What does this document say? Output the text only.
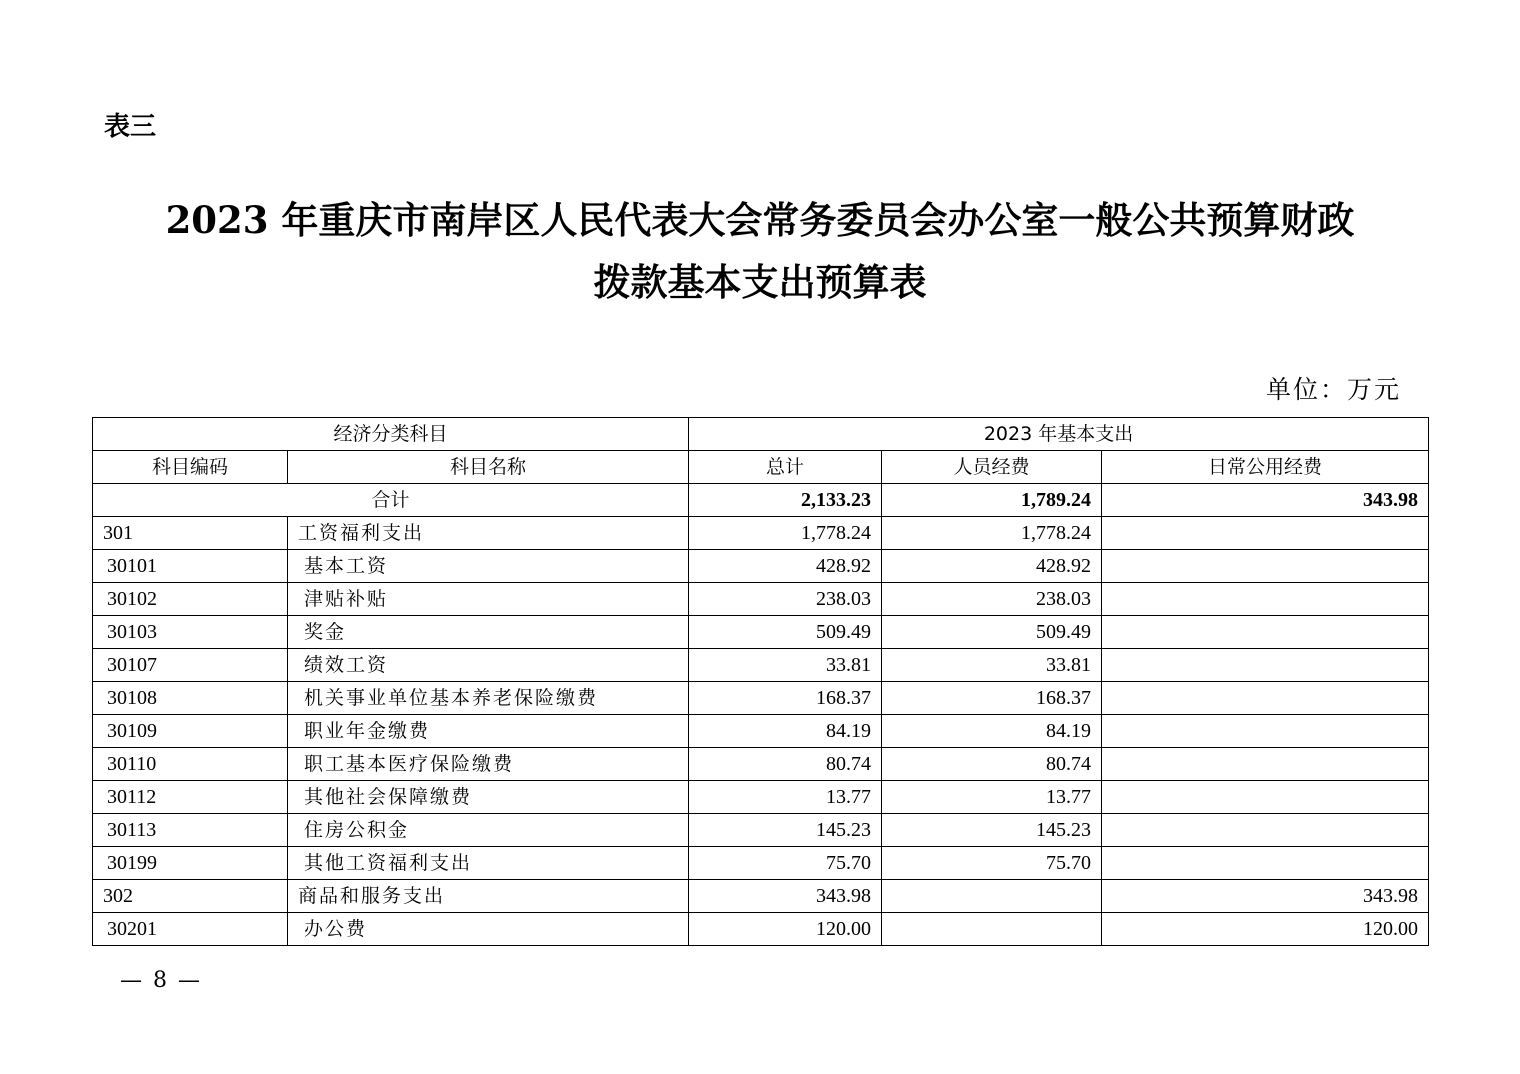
表三
2023 年重庆市南岸区人民代表大会常务委员会办公室一般公共预算财政
拨款基本支出预算表
单位：万元
经济分类科目		2023 年基本支出		
科目编码	科目名称	总计	人员经费	日常公用经费
合计		2,133.23	1,789.24	343.98
301	工资福利支出	1,778.24	1,778.24	
30101	基本工资	428.92	428.92	
30102	津贴补贴	238.03	238.03	
30103	奖金	509.49	509.49	
30107	绩效工资	33.81	33.81	
30108	机关事业单位基本养老保险缴费	168.37	168.37	
30109	职业年金缴费	84.19	84.19	
30110	职工基本医疗保险缴费	80.74	80.74	
30112	其他社会保障缴费	13.77	13.77	
30113	住房公积金	145.23	145.23	
30199	其他工资福利支出	75.70	75.70	
302	商品和服务支出	343.98		343.98
30201	办公费	120.00		120.00
— 8 —
